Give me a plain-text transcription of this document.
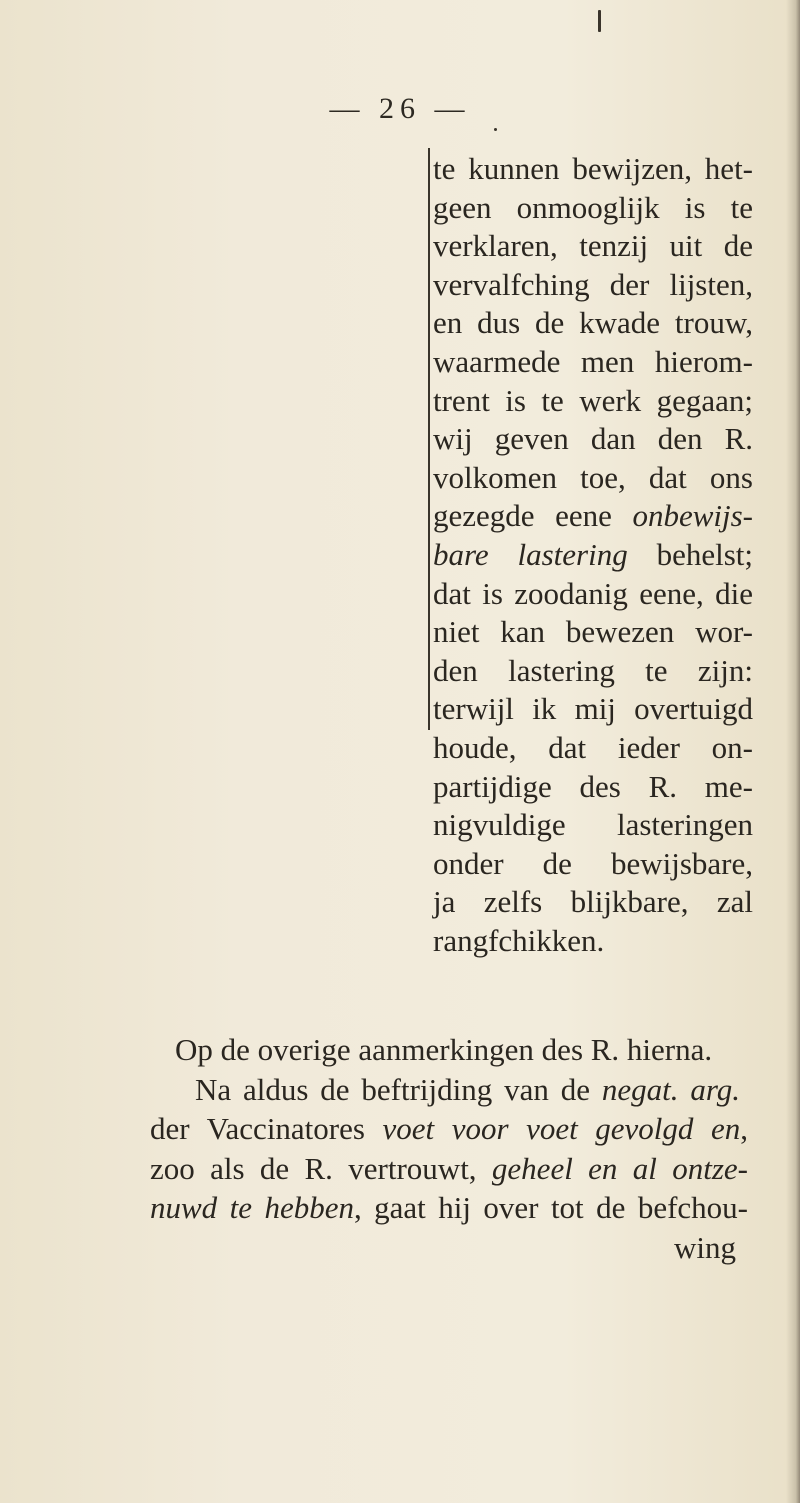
— 26 —
te kunnen bewijzen, het-
geen onmooglijk is te
verklaren, tenzij uit de
vervalfching der lijsten,
en dus de kwade trouw,
waarmede men hierom-
trent is te werk gegaan;
wij geven dan den R.
volkomen toe, dat ons
gezegde eene onbewijs-
bare lastering behelst;
dat is zoodanig eene, die
niet kan bewezen wor-
den lastering te zijn:
terwijl ik mij overtuigd
houde, dat ieder on-
partijdige des R. me-
nigvuldige lasteringen
onder de bewijsbare,
ja zelfs blijkbare, zal
rangfchikken.
Op de overige aanmerkingen des R. hierna.
Na aldus de beftrijding van de negat. arg.
der Vaccinatores voet voor voet gevolgd en,
zoo als de R. vertrouwt, geheel en al ontze-
nuwd te hebben, gaat hij over tot de befchou-
wing
